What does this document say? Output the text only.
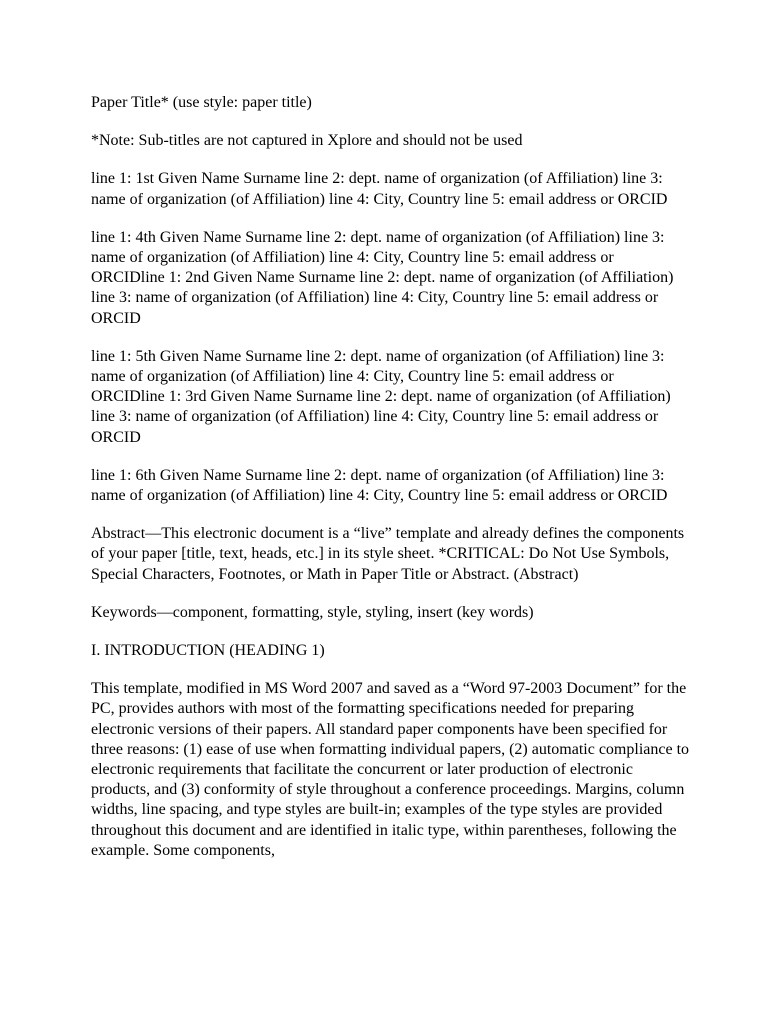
Paper Title* (use style: paper title)

*Note: Sub-titles are not captured in Xplore and should not be used

line 1: 1st Given Name Surname line 2: dept. name of organization (of Affiliation) line 3: name of organization (of Affiliation) line 4: City, Country line 5: email address or ORCID

line 1: 4th Given Name Surname line 2: dept. name of organization (of Affiliation) line 3: name of organization (of Affiliation) line 4: City, Country line 5: email address or ORCIDline 1: 2nd Given Name Surname line 2: dept. name of organization (of Affiliation) line 3: name of organization (of Affiliation) line 4: City, Country line 5: email address or ORCID

line 1: 5th Given Name Surname line 2: dept. name of organization (of Affiliation) line 3: name of organization (of Affiliation) line 4: City, Country line 5: email address or ORCIDline 1: 3rd Given Name Surname line 2: dept. name of organization (of Affiliation) line 3: name of organization (of Affiliation) line 4: City, Country line 5: email address or ORCID

line 1: 6th Given Name Surname line 2: dept. name of organization (of Affiliation) line 3: name of organization (of Affiliation) line 4: City, Country line 5: email address or ORCID

Abstract—This electronic document is a “live” template and already defines the components of your paper [title, text, heads, etc.] in its style sheet. *CRITICAL: Do Not Use Symbols, Special Characters, Footnotes, or Math in Paper Title or Abstract. (Abstract)

Keywords—component, formatting, style, styling, insert (key words)

I. INTRODUCTION (HEADING 1)

This template, modified in MS Word 2007 and saved as a “Word 97-2003 Document” for the PC, provides authors with most of the formatting specifications needed for preparing electronic versions of their papers. All standard paper components have been specified for three reasons: (1) ease of use when formatting individual papers, (2) automatic compliance to electronic requirements that facilitate the concurrent or later production of electronic products, and (3) conformity of style throughout a conference proceedings. Margins, column widths, line spacing, and type styles are built-in; examples of the type styles are provided throughout this document and are identified in italic type, within parentheses, following the example. Some components,
